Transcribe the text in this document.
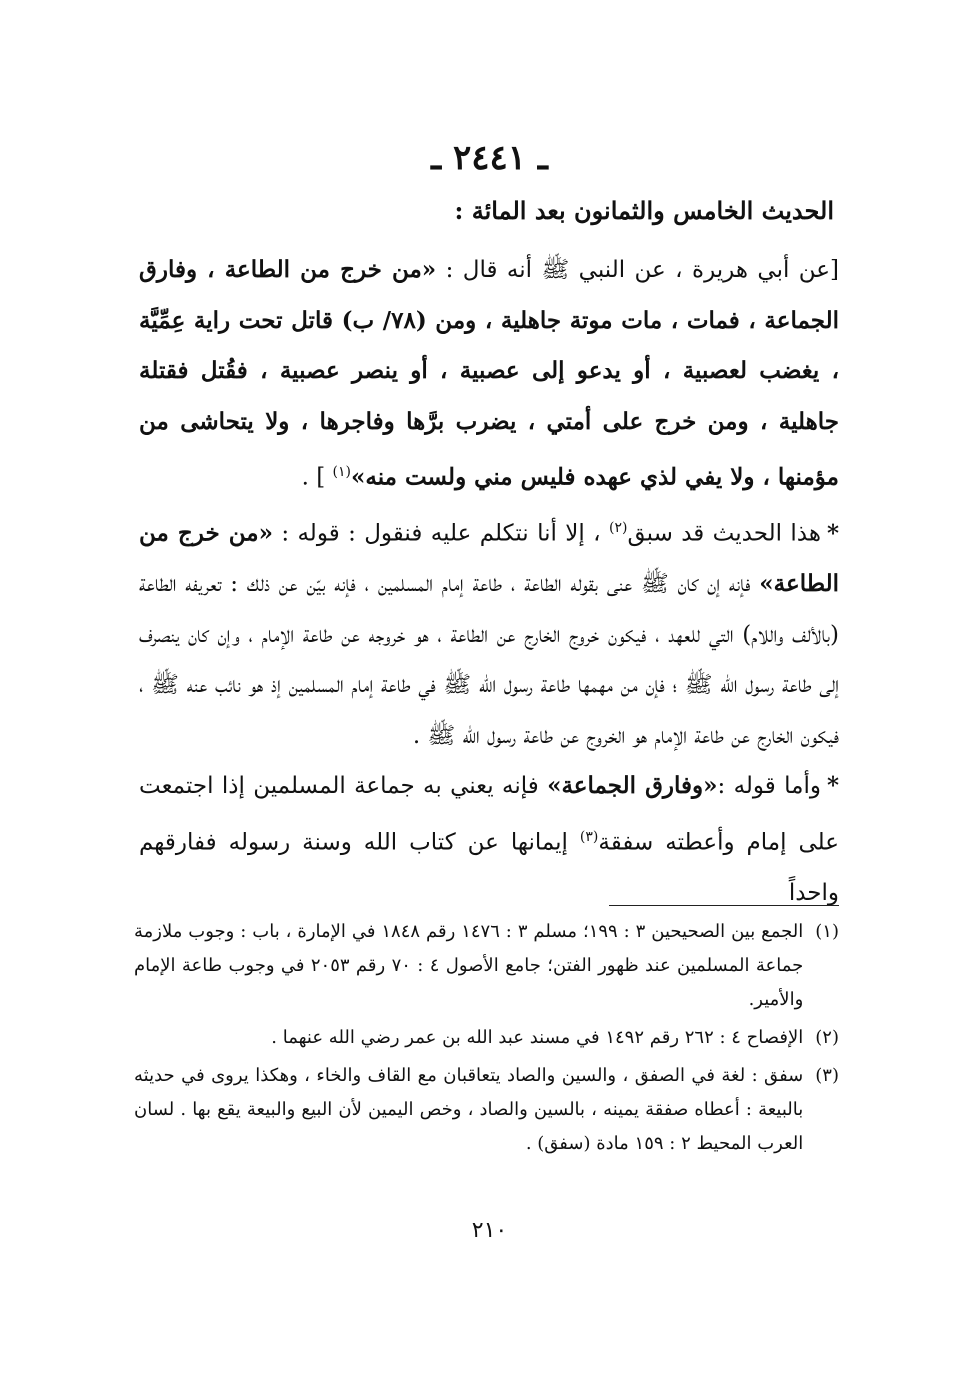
ـ ٢٤٤١ ـ
الحديث الخامس والثمانون بعد المائة :

[عن أبي هريرة ، عن النبي ﷺ أنه قال : «من خرج من الطاعة ، وفارق الجماعة ، فمات ، مات موتة جاهلية ، ومن (٧٨/ ب) قاتل تحت راية عِمِّيَّة ، يغضب لعصبية ، أو يدعو إلى عصبية ، أو ينصر عصبية ، فقُتل فقتلة جاهلية ، ومن خرج على أمتي ، يضرب برَّها وفاجرها ، ولا يتحاشى من مؤمنها ، ولا يفي لذي عهده فليس مني ولست منه»$^{(١)}$ ] .

*هذا الحديث قد سبق$^{(٢)}$ ، إلا أنا نتكلم عليه فنقول : قوله : «من خرج من الطاعة» فإنه إن كان ﷺ عنى بقوله الطاعة ، طاعة إمام المسلمين ، فإنه بيّن عن ذلك : تعريفه الطاعة (بالألف واللام) التي للعهد ، فيكون خروج الخارج عن الطاعة ، هو خروجه عن طاعة الإمام ، وإن كان ينصرف إلى طاعة رسول الله ﷺ ؛ فإن من مهمها طاعة رسول الله ﷺ في طاعة إمام المسلمين إذ هو نائب عنه ﷺ ، فيكون الخارج عن طاعة الإمام هو الخروج عن طاعة رسول الله ﷺ .

*وأما قوله :«وفارق الجماعة» فإنه يعني به جماعة المسلمين إذا اجتمعت على إمام وأعطته سفقة$^{(٣)}$ إيمانها عن كتاب الله وسنة رسوله ففارقهم واحداً

(١)
الجمع بين الصحيحين ٣ : ١٩٩؛ مسلم ٣ : ١٤٧٦ رقم ١٨٤٨ في الإمارة ، باب : وجوب ملازمة جماعة المسلمين عند ظهور الفتن؛ جامع الأصول ٤ : ٧٠ رقم ٢٠٥٣ في وجوب طاعة الإمام والأمير.
(٢)
الإفصاح ٤ : ٢٦٢ رقم ١٤٩٢ في مسند عبد الله بن عمر رضي الله عنهما .
(٣)
سفق : لغة في الصفق ، والسين والصاد يتعاقبان مع القاف والخاء ، وهكذا يروى في حديثه بالبيعة : أعطاه صفقة يمينه ، بالسين والصاد ، وخص اليمين لأن البيع والبيعة يقع بها . لسان العرب المحيط ٢ : ١٥٩ مادة (سفق) .
٢١٠
